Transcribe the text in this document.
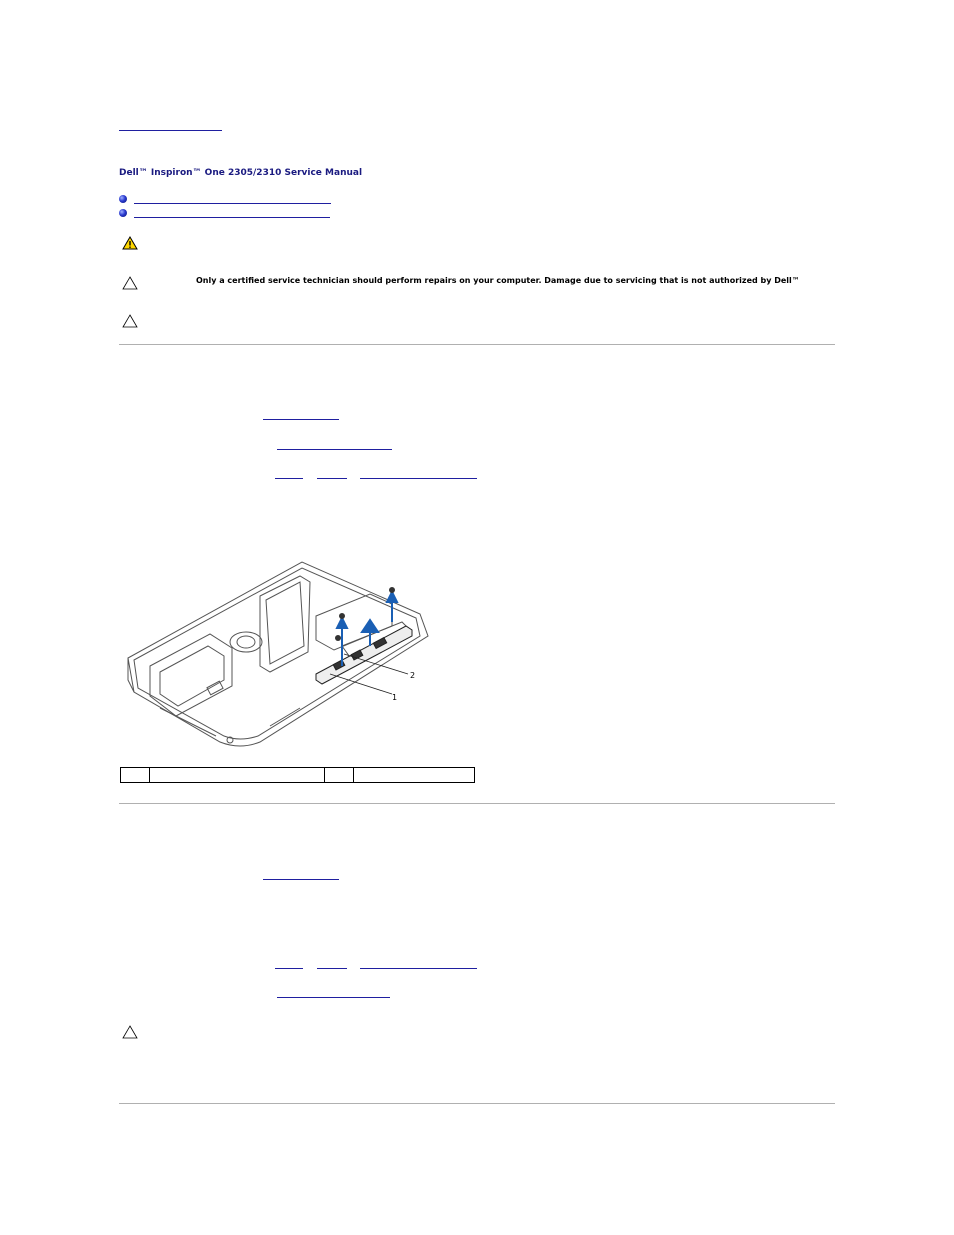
Dell™ Inspiron™ One 2305/2310 Service Manual
Only a certified service technician should perform repairs on your computer. Damage due to servicing that is not authorized by Dell™
2
1
